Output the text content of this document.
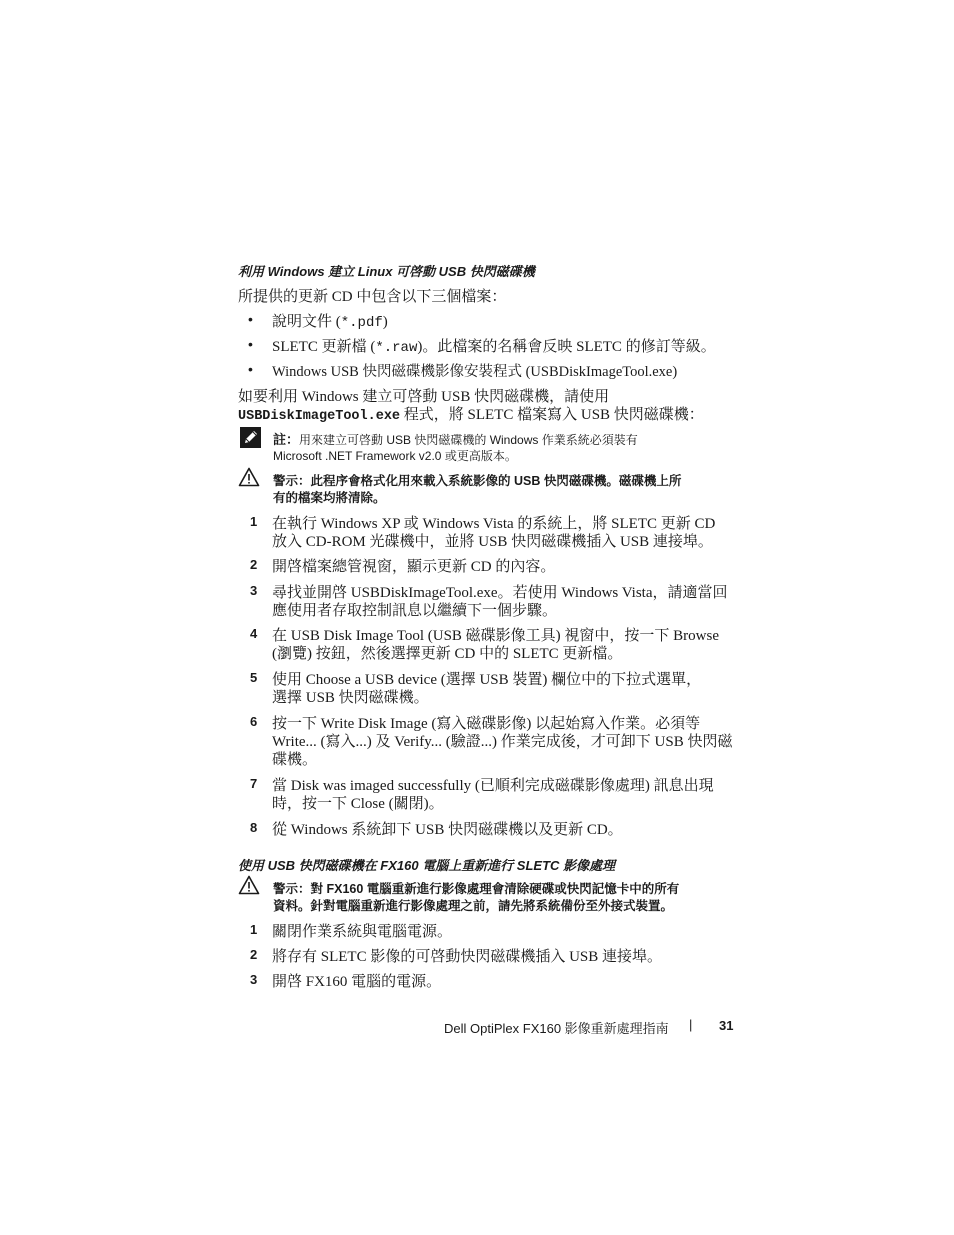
利用 Windows 建立 Linux 可啓動 USB 快閃磁碟機
所提供的更新 CD 中包含以下三個檔案：
• 說明文件 (*.pdf)
• SLETC 更新檔 (*.raw)。此檔案的名稱會反映 SLETC 的修訂等級。
• Windows USB 快閃磁碟機影像安裝程式 (USBDiskImageTool.exe)
如要利用 Windows 建立可啓動 USB 快閃磁碟機，請使用
USBDiskImageTool.exe 程式，將 SLETC 檔案寫入 USB 快閃磁碟機：
註：用來建立可啓動 USB 快閃磁碟機的 Windows 作業系統必須裝有
Microsoft .NET Framework v2.0 或更高版本。
警示：此程序會格式化用來載入系統影像的 USB 快閃磁碟機。磁碟機上所
有的檔案均將清除。
1 在執行 Windows XP 或 Windows Vista 的系統上，將 SLETC 更新 CD
放入 CD-ROM 光碟機中，並將 USB 快閃磁碟機插入 USB 連接埠。
2 開啓檔案總管視窗，顯示更新 CD 的內容。
3 尋找並開啓 USBDiskImageTool.exe。若使用 Windows Vista，請適當回
應使用者存取控制訊息以繼續下一個步驟。
4 在 USB Disk Image Tool (USB 磁碟影像工具) 視窗中，按一下 Browse
(瀏覽) 按鈕，然後選擇更新 CD 中的 SLETC 更新檔。
5 使用 Choose a USB device (選擇 USB 裝置) 欄位中的下拉式選單，
選擇 USB 快閃磁碟機。
6 按一下 Write Disk Image (寫入磁碟影像) 以起始寫入作業。必須等
Write... (寫入...) 及 Verify... (驗證...) 作業完成後，才可卸下 USB 快閃磁
碟機。
7 當 Disk was imaged successfully (已順利完成磁碟影像處理) 訊息出現
時，按一下 Close (關閉)。
8 從 Windows 系統卸下 USB 快閃磁碟機以及更新 CD。
使用 USB 快閃磁碟機在 FX160 電腦上重新進行 SLETC 影像處理
警示：對 FX160 電腦重新進行影像處理會清除硬碟或快閃記憶卡中的所有
資料。針對電腦重新進行影像處理之前，請先將系統備份至外接式裝置。
1 關閉作業系統與電腦電源。
2 將存有 SLETC 影像的可啓動快閃磁碟機插入 USB 連接埠。
3 開啓 FX160 電腦的電源。
Dell OptiPlex FX160 影像重新處理指南 | 31
